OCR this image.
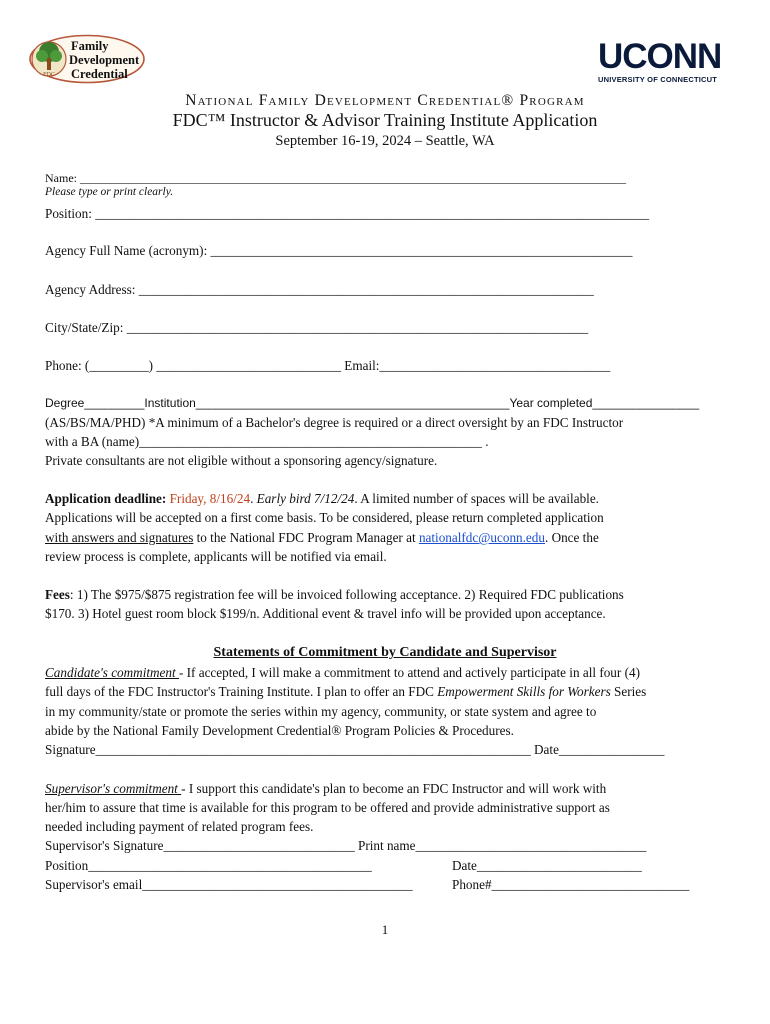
FDC
Family
Development
Credential	UCONN
UNIVERSITY OF CONNECTICUT
National Family Development Credential® Program
FDC™ Instructor & Advisor Training Institute Application
September 16-19, 2024 – Seattle, WA
Name: ___________________________________________________________________________________________
Please type or print clearly.
Position: ____________________________________________________________________________________
Agency Full Name (acronym): ________________________________________________________________
Agency Address: _____________________________________________________________________
City/State/Zip: ______________________________________________________________________
Phone: (_________) ____________________________ Email:___________________________________
Degree_________Institution_______________________________________________Year completed________________
(AS/BS/MA/PHD) *A minimum of a Bachelor's degree is required or a direct oversight by an FDC Instructor
with a BA (name)____________________________________________________ .
Private consultants are not eligible without a sponsoring agency/signature.
Application deadline: Friday, 8/16/24. Early bird 7/12/24. A limited number of spaces will be available.
Applications will be accepted on a first come basis. To be considered, please return completed application
with answers and signatures to the National FDC Program Manager at nationalfdc@uconn.edu. Once the
review process is complete, applicants will be notified via email.
Fees: 1) The $975/$875 registration fee will be invoiced following acceptance. 2) Required FDC publications
$170. 3) Hotel guest room block $199/n. Additional event & travel info will be provided upon acceptance.
Statements of Commitment by Candidate and Supervisor
Candidate's commitment - If accepted, I will make a commitment to attend and actively participate in all four (4)
full days of the FDC Instructor's Training Institute. I plan to offer an FDC Empowerment Skills for Workers Series
in my community/state or promote the series within my agency, community, or state system and agree to
abide by the National Family Development Credential® Program Policies & Procedures.
Signature__________________________________________________________________ Date________________
Supervisor's commitment - I support this candidate's plan to become an FDC Instructor and will work with
her/him to assure that time is available for this program to be offered and provide administrative support as
needed including payment of related program fees.
Supervisor's Signature_____________________________ Print name___________________________________
Position___________________________________________	Date_________________________
Supervisor's email_________________________________________	Phone#______________________________
1
